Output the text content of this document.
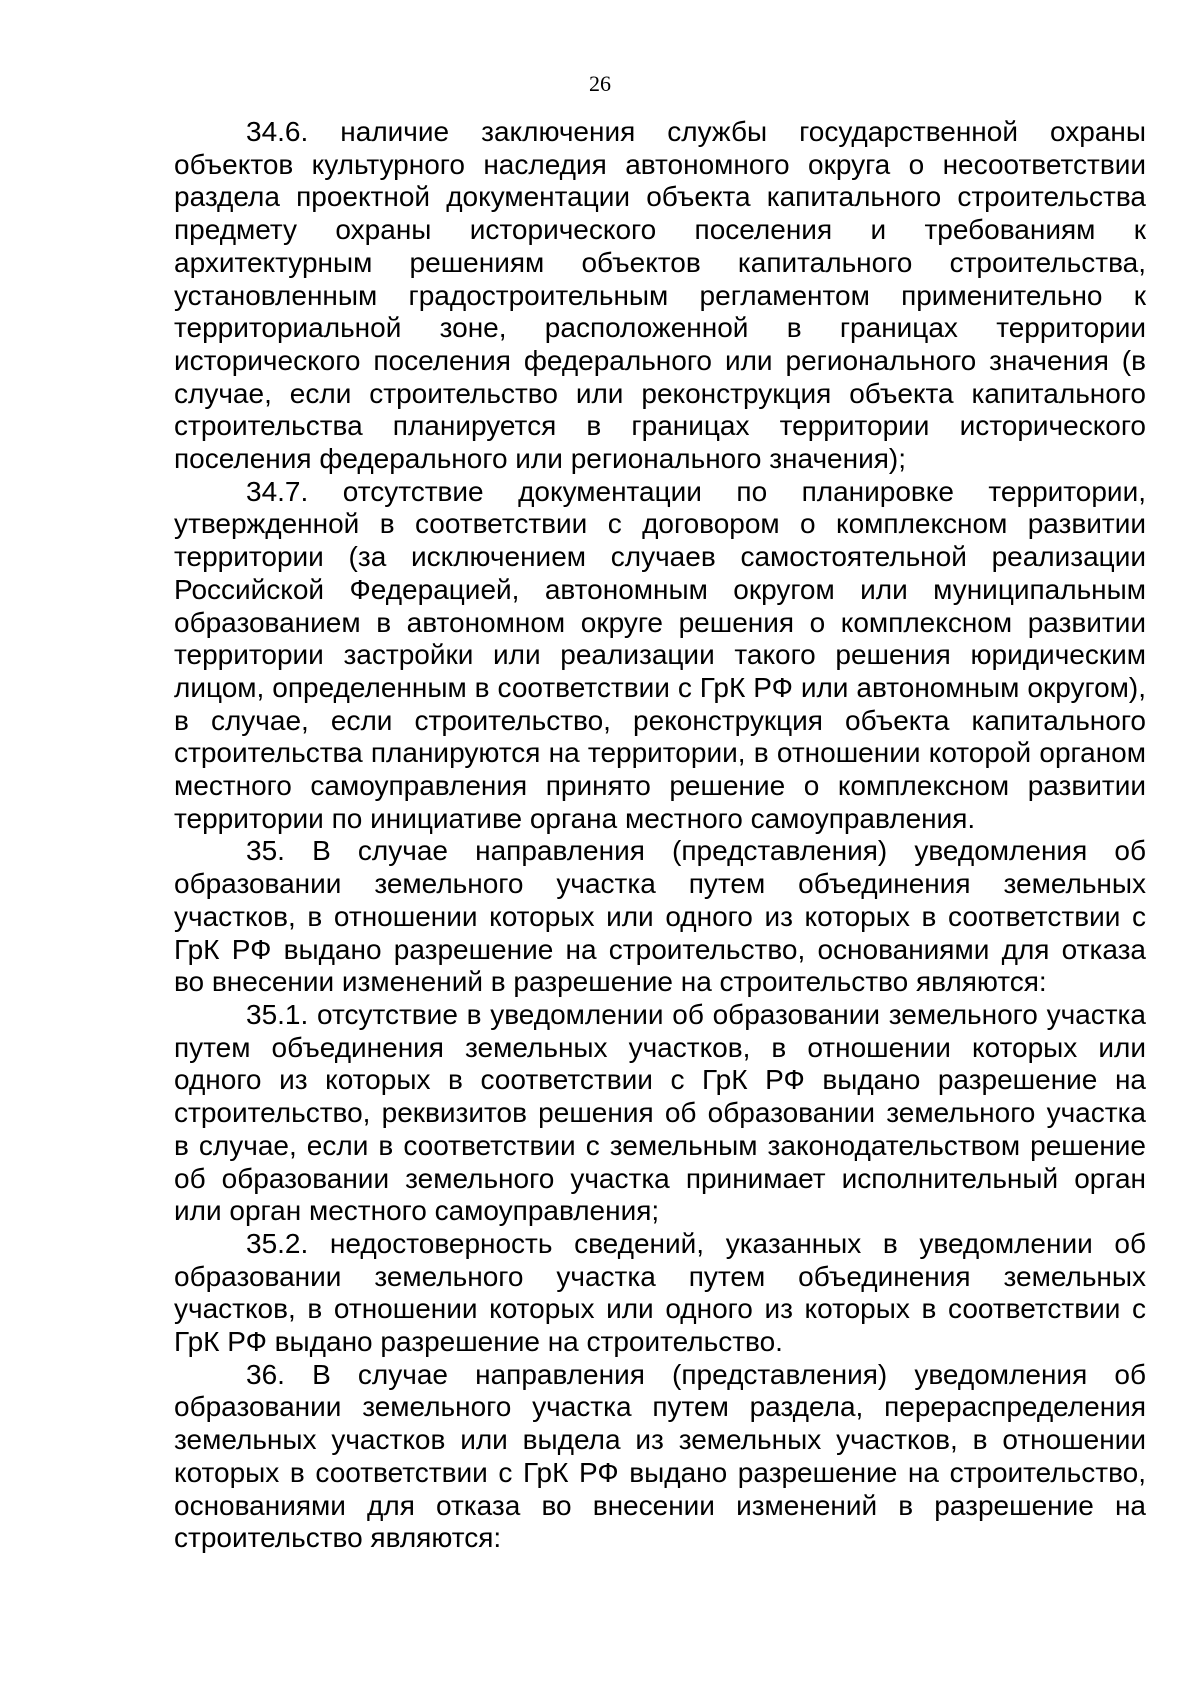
26

34.6. наличие заключения службы государственной охраны объектов культурного наследия автономного округа о несоответствии раздела проектной документации объекта капитального строительства предмету охраны исторического поселения и требованиям к архитектурным решениям объектов капитального строительства, установленным градостроительным регламентом применительно к территориальной зоне, расположенной в границах территории исторического поселения федерального или регионального значения (в случае, если строительство или реконструкция объекта капитального строительства планируется в границах территории исторического поселения федерального или регионального значения);

34.7. отсутствие документации по планировке территории, утвержденной в соответствии с договором о комплексном развитии территории (за исключением случаев самостоятельной реализации Российской Федерацией, автономным округом или муниципальным образованием в автономном округе решения о комплексном развитии территории застройки или реализации такого решения юридическим лицом, определенным в соответствии с ГрК РФ или автономным округом), в случае, если строительство, реконструкция объекта капитального строительства планируются на территории, в отношении которой органом местного самоуправления принято решение о комплексном развитии территории по инициативе органа местного самоуправления.

35. В случае направления (представления) уведомления об образовании земельного участка путем объединения земельных участков, в отношении которых или одного из которых в соответствии с ГрК РФ выдано разрешение на строительство, основаниями для отказа во внесении изменений в разрешение на строительство являются:

35.1. отсутствие в уведомлении об образовании земельного участка путем объединения земельных участков, в отношении которых или одного из которых в соответствии с ГрК РФ выдано разрешение на строительство, реквизитов решения об образовании земельного участка в случае, если в соответствии с земельным законодательством решение об образовании земельного участка принимает исполнительный орган или орган местного самоуправления;

35.2. недостоверность сведений, указанных в уведомлении об образовании земельного участка путем объединения земельных участков, в отношении которых или одного из которых в соответствии с ГрК РФ выдано разрешение на строительство.

36. В случае направления (представления) уведомления об образовании земельного участка путем раздела, перераспределения земельных участков или выдела из земельных участков, в отношении которых в соответствии с ГрК РФ выдано разрешение на строительство, основаниями для отказа во внесении изменений в разрешение на строительство являются:
